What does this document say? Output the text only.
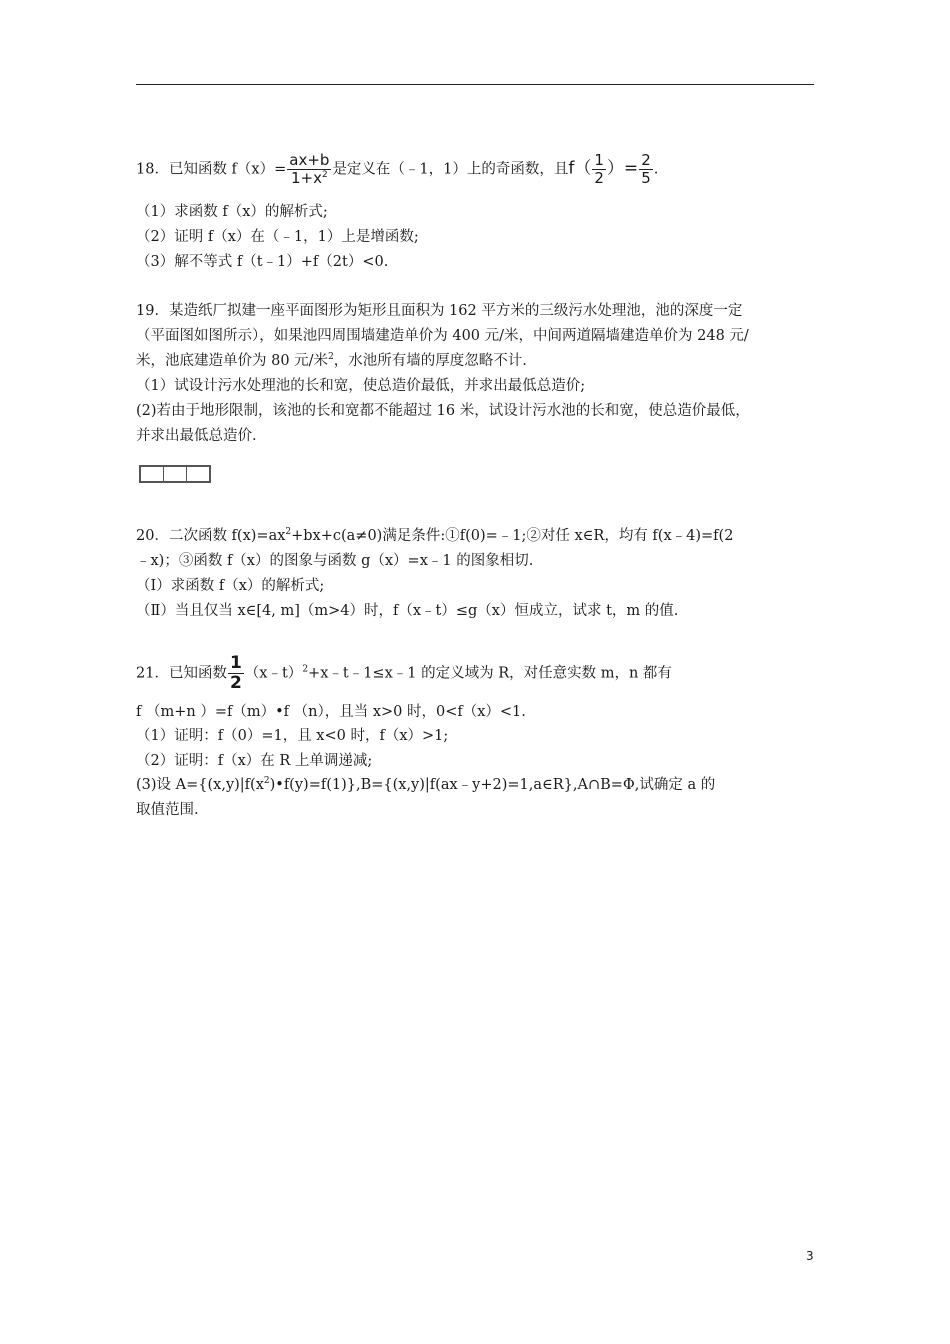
18．已知函数 $f(x)= \frac{ax+b}{1+x^2}$ 是定义在（﹣1，1）上的奇函数，且$f( \frac{1}{2}$ ）= $\frac{2}{5}$ .
（1）求函数 f（x）的解析式;
（2）证明 f（x）在（﹣1，1）上是增函数;
（3）解不等式 f（t﹣1）+f（2t）<0.
19．某造纸厂拟建一座平面图形为矩形且面积为 162 平方米的三级污水处理池，池的深度一定
（平面图如图所示），如果池四周围墙建造单价为 400 元/米，中间两道隔墙建造单价为 248 元/
米，池底建造单价为 80 元/米$^2$，水池所有墙的厚度忽略不计.
（1）试设计污水处理池的长和宽，使总造价最低，并求出最低总造价;
(2)若由于地形限制，该池的长和宽都不能超过 16 米，试设计污水池的长和宽，使总造价最低，
并求出最低总造价.
20．二次函数 $f(x)=ax^2+bx+c(a\ne 0)$满足条件:①f(0)=﹣1;②对任 x∈R，均有 f(x﹣4)=f(2
﹣x)；③函数 f（x）的图象与函数 g（x）=x﹣1 的图象相切.
（Ⅰ）求函数 f（x）的解析式;
（Ⅱ）当且仅当 x∈[4, m]（m>4）时，f（x﹣t）≤g（x）恒成立，试求 t，m 的值.
21．已知函数 $\frac{1}{2}$ （x﹣t）$^2$+x﹣t﹣1≤x﹣1 的定义域为 R，对任意实数 m，n 都有
f （m+n ）=f（m）•f （n），且当 x>0 时，0<f（x）<1.
（1）证明：f（0）=1，且 x<0 时，f（x）>1;
（2）证明：f（x）在 R 上单调递减;
(3)设 $A=\{(x,y)|f(x^2)•f(y)=f(1)\},B=\{(x,y)|f(ax﹣y+2)=1,a\in R\},A\cap B=\Phi$,试确定 a 的
取值范围.
3
